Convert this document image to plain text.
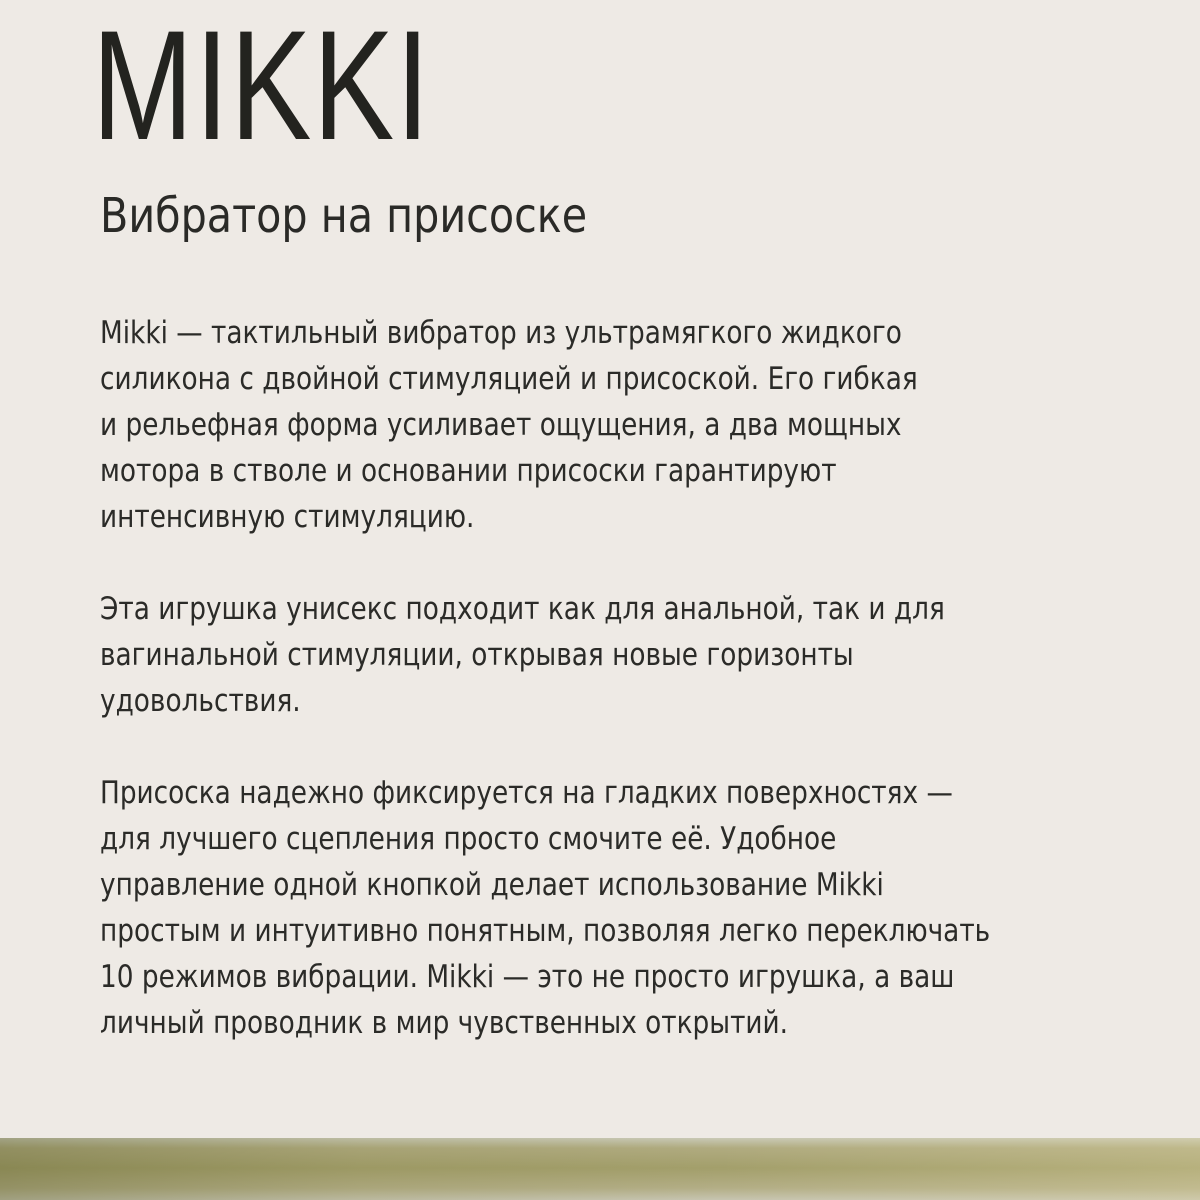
MIKKI
Вибратор на присоске

Mikki — тактильный вибратор из ультрамягкого жидкого
силикона с двойной стимуляцией и присоской. Его гибкая
и рельефная форма усиливает ощущения, а два мощных
мотора в стволе и основании присоски гарантируют
интенсивную стимуляцию.

Эта игрушка унисекс подходит как для анальной, так и для
вагинальной стимуляции, открывая новые горизонты
удовольствия.

Присоска надежно фиксируется на гладких поверхностях —
для лучшего сцепления просто смочите её. Удобное
управление одной кнопкой делает использование Mikki
простым и интуитивно понятным, позволяя легко переключать
10 режимов вибрации. Mikki — это не просто игрушка, а ваш
личный проводник в мир чувственных открытий.
